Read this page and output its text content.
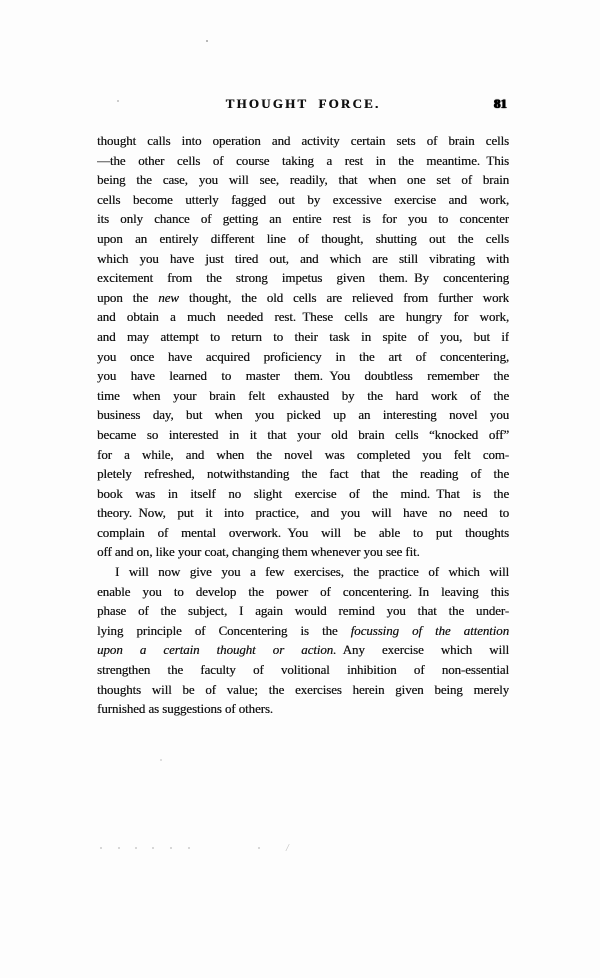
THOUGHT FORCE.	81
thought calls into operation and activity certain sets of brain cells
—the other cells of course taking a rest in the meantime. This
being the case, you will see, readily, that when one set of brain
cells become utterly fagged out by excessive exercise and work,
its only chance of getting an entire rest is for you to concenter
upon an entirely different line of thought, shutting out the cells
which you have just tired out, and which are still vibrating with
excitement from the strong impetus given them. By concentering
upon the new thought, the old cells are relieved from further work
and obtain a much needed rest. These cells are hungry for work,
and may attempt to return to their task in spite of you, but if
you once have acquired proficiency in the art of concentering,
you have learned to master them. You doubtless remember the
time when your brain felt exhausted by the hard work of the
business day, but when you picked up an interesting novel you
became so interested in it that your old brain cells “knocked off”
for a while, and when the novel was completed you felt com-
pletely refreshed, notwithstanding the fact that the reading of the
book was in itself no slight exercise of the mind. That is the
theory. Now, put it into practice, and you will have no need to
complain of mental overwork. You will be able to put thoughts
off and on, like your coat, changing them whenever you see fit.
I will now give you a few exercises, the practice of which will
enable you to develop the power of concentering. In leaving this
phase of the subject, I again would remind you that the under-
lying principle of Concentering is the focussing of the attention
upon a certain thought or action. Any exercise which will
strengthen the faculty of volitional inhibition of non-essential
thoughts will be of value; the exercises herein given being merely
furnished as suggestions of others.
/
